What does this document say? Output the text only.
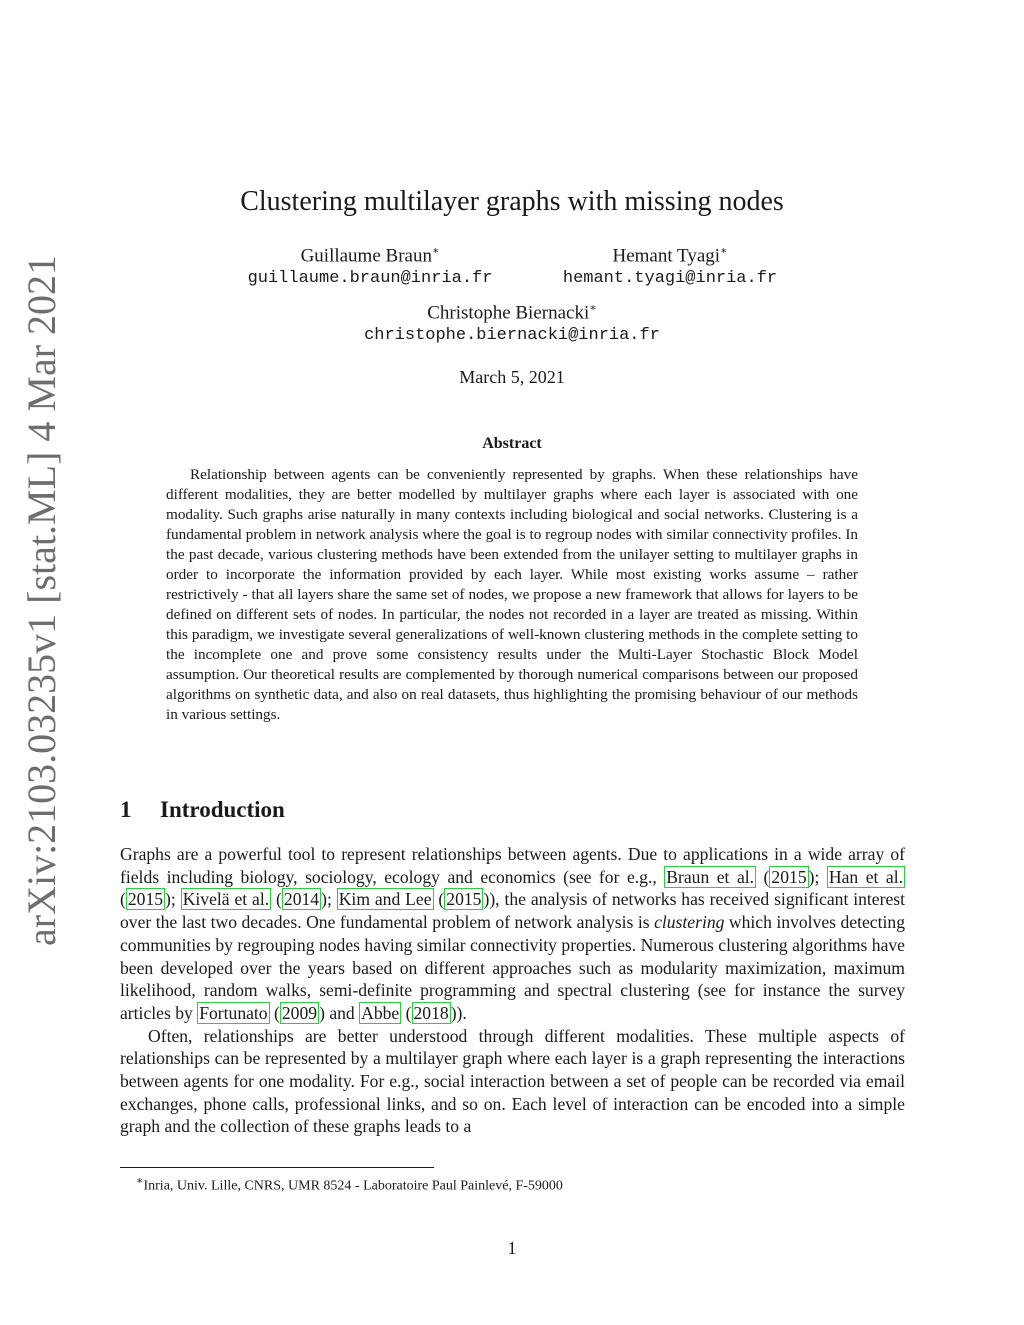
arXiv:2103.03235v1 [stat.ML] 4 Mar 2021
Clustering multilayer graphs with missing nodes
Guillaume Braun∗
guillaume.braun@inria.fr
Hemant Tyagi∗
hemant.tyagi@inria.fr
Christophe Biernacki∗
christophe.biernacki@inria.fr
March 5, 2021
Abstract
Relationship between agents can be conveniently represented by graphs. When these relationships have different modalities, they are better modelled by multilayer graphs where each layer is associated with one modality. Such graphs arise naturally in many contexts including biological and social networks. Clustering is a fundamental problem in network analysis where the goal is to regroup nodes with similar connectivity profiles. In the past decade, various clustering methods have been extended from the unilayer setting to multilayer graphs in order to incorporate the information provided by each layer. While most existing works assume – rather restrictively - that all layers share the same set of nodes, we propose a new framework that allows for layers to be defined on different sets of nodes. In particular, the nodes not recorded in a layer are treated as missing. Within this paradigm, we investigate several generalizations of well-known clustering methods in the complete setting to the incomplete one and prove some consistency results under the Multi-Layer Stochastic Block Model assumption. Our theoretical results are complemented by thorough numerical comparisons between our proposed algorithms on synthetic data, and also on real datasets, thus highlighting the promising behaviour of our methods in various settings.
1 Introduction

Graphs are a powerful tool to represent relationships between agents. Due to applications in a wide array of fields including biology, sociology, ecology and economics (see for e.g., Braun et al. ( 2015 ); Han et al. ( 2015 ); Kivelä et al. ( 2014 ); Kim and Lee ( 2015 )), the analysis of networks has received significant interest over the last two decades. One fundamental problem of network analysis is clustering which involves detecting communities by regrouping nodes having similar connectivity properties. Numerous clustering algorithms have been developed over the years based on different approaches such as modularity maximization, maximum likelihood, random walks, semi-definite programming and spectral clustering (see for instance the survey articles by Fortunato ( 2009 ) and Abbe ( 2018 )).

Often, relationships are better understood through different modalities. These multiple aspects of relationships can be represented by a multilayer graph where each layer is a graph representing the interactions between agents for one modality. For e.g., social interaction between a set of people can be recorded via email exchanges, phone calls, professional links, and so on. Each level of interaction can be encoded into a simple graph and the collection of these graphs leads to a

∗Inria, Univ. Lille, CNRS, UMR 8524 - Laboratoire Paul Painlevé, F-59000
1
